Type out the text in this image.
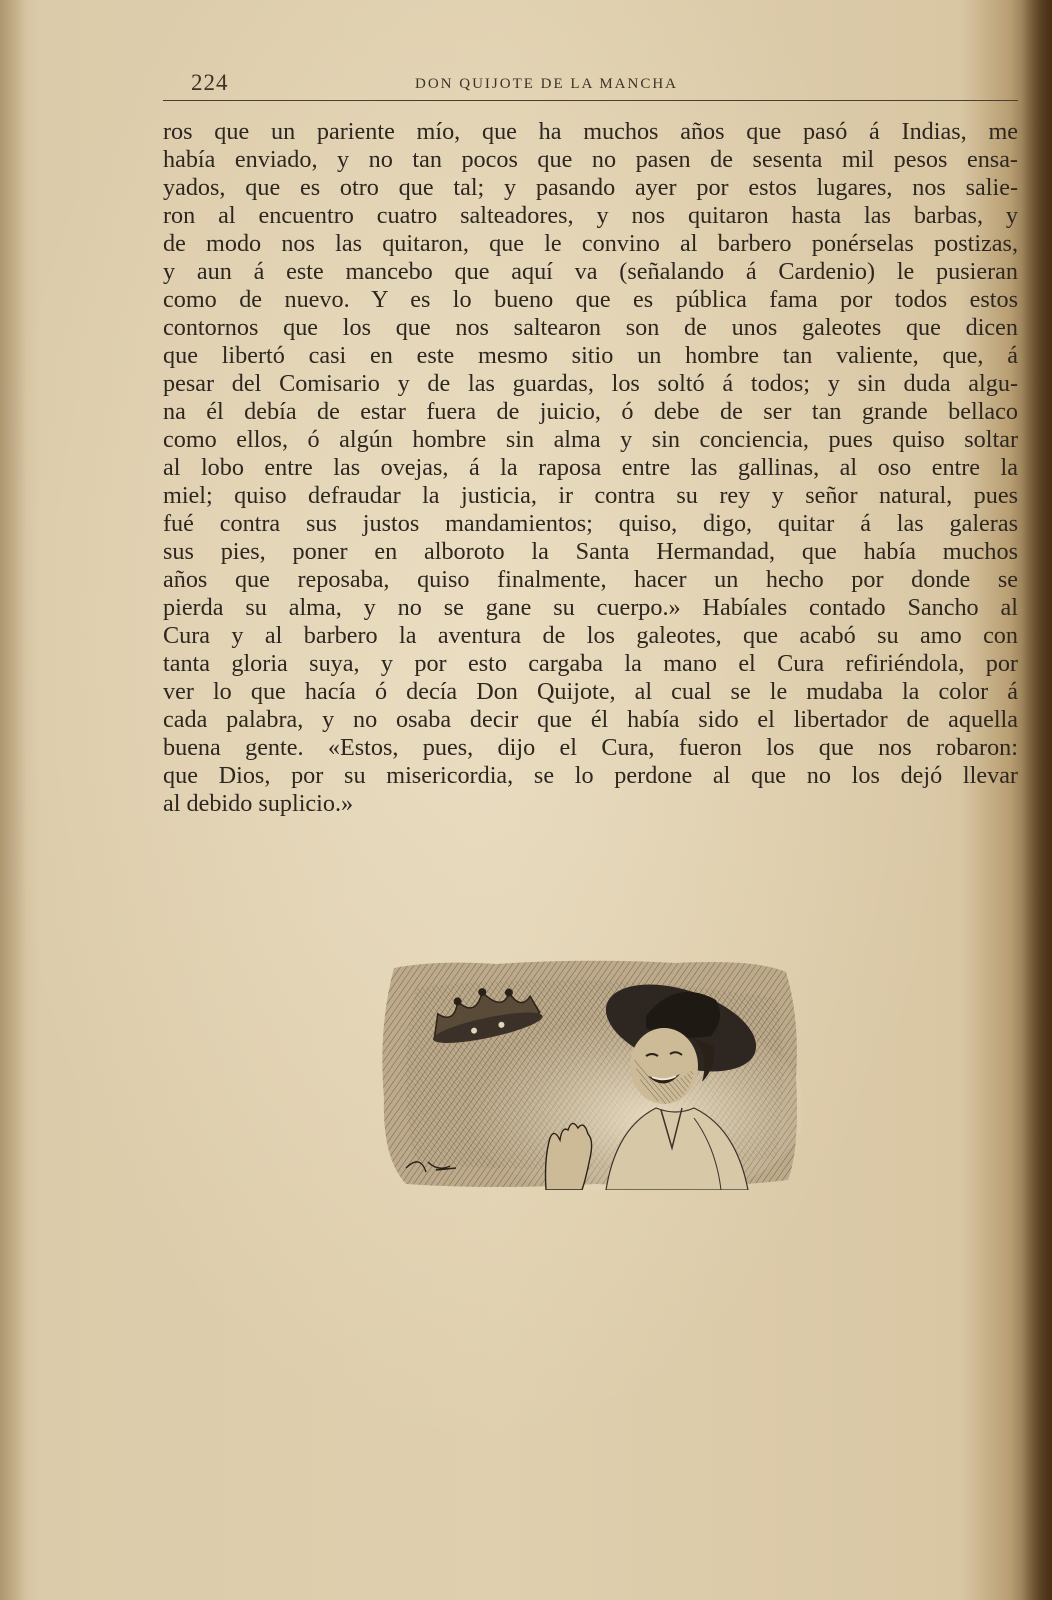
224	DON QUIJOTE DE LA MANCHA
ros que un pariente mío, que ha muchos años que pasó á Indias, me
había enviado, y no tan pocos que no pasen de sesenta mil pesos ensa-
yados, que es otro que tal; y pasando ayer por estos lugares, nos salie-
ron al encuentro cuatro salteadores, y nos quitaron hasta las barbas, y
de modo nos las quitaron, que le convino al barbero ponérselas postizas,
y aun á este mancebo que aquí va (señalando á Cardenio) le pusieran
como de nuevo. Y es lo bueno que es pública fama por todos estos
contornos que los que nos saltearon son de unos galeotes que dicen
que libertó casi en este mesmo sitio un hombre tan valiente, que, á
pesar del Comisario y de las guardas, los soltó á todos; y sin duda algu-
na él debía de estar fuera de juicio, ó debe de ser tan grande bellaco
como ellos, ó algún hombre sin alma y sin conciencia, pues quiso soltar
al lobo entre las ovejas, á la raposa entre las gallinas, al oso entre la
miel; quiso defraudar la justicia, ir contra su rey y señor natural, pues
fué contra sus justos mandamientos; quiso, digo, quitar á las galeras
sus pies, poner en alboroto la Santa Hermandad, que había muchos
años que reposaba, quiso finalmente, hacer un hecho por donde se
pierda su alma, y no se gane su cuerpo.» Habíales contado Sancho al
Cura y al barbero la aventura de los galeotes, que acabó su amo con
tanta gloria suya, y por esto cargaba la mano el Cura refiriéndola, por
ver lo que hacía ó decía Don Quijote, al cual se le mudaba la color á
cada palabra, y no osaba decir que él había sido el libertador de aquella
buena gente. «Estos, pues, dijo el Cura, fueron los que nos robaron:
que Dios, por su misericordia, se lo perdone al que no los dejó llevar
al debido suplicio.»
